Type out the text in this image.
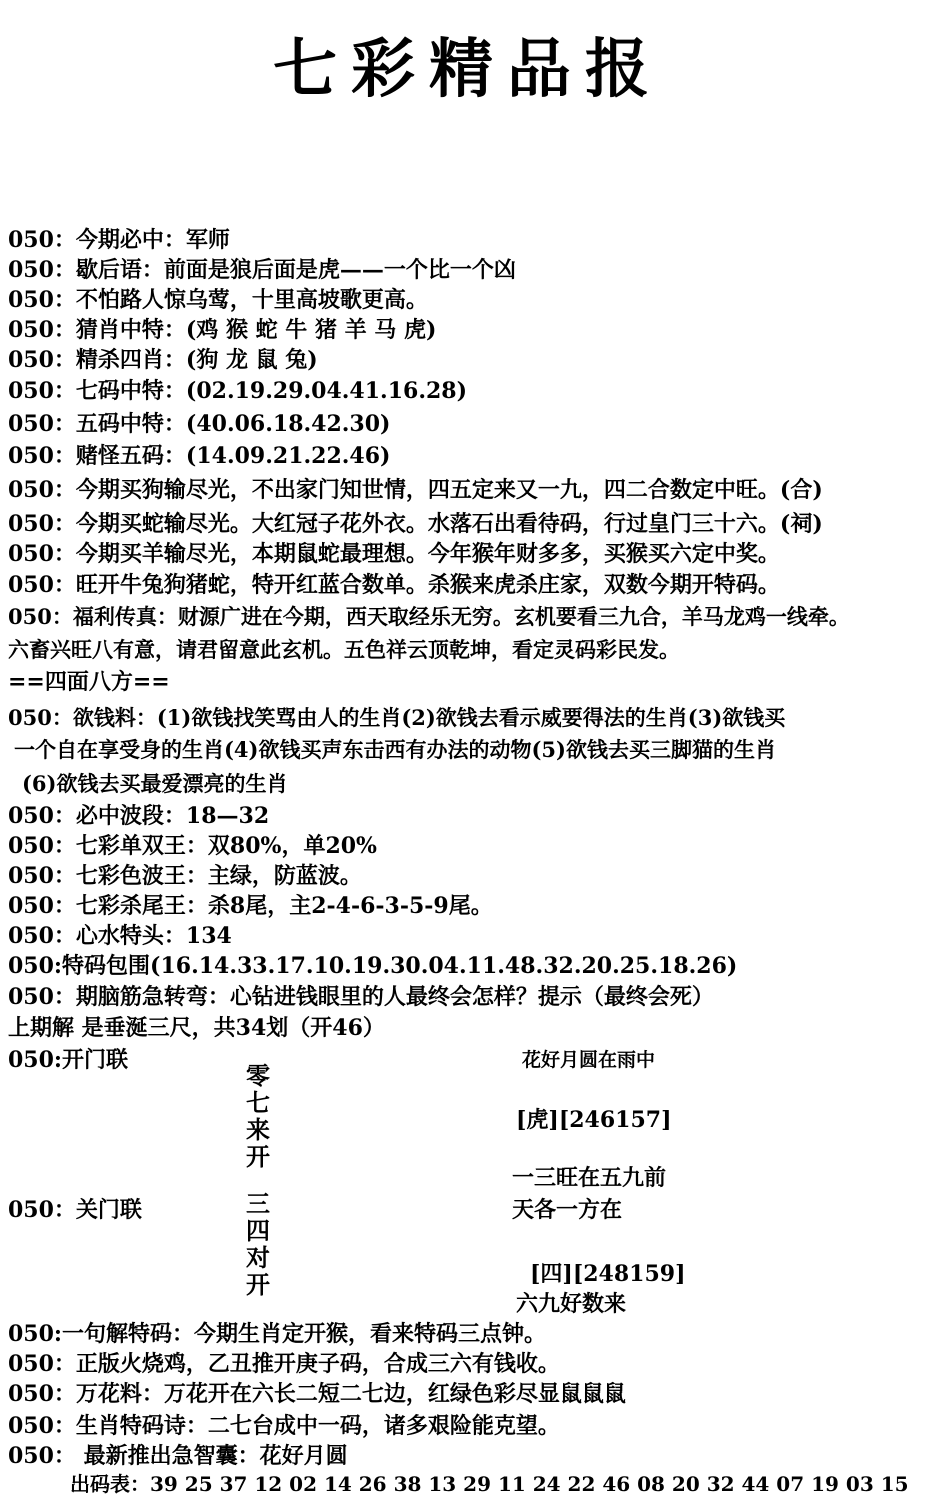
七彩精品报
050：今期必中：军师
050：歇后语：前面是狼后面是虎——一个比一个凶
050：不怕路人惊乌莺，十里高坡歌更高。
050：猜肖中特：(鸡 猴 蛇 牛 猪 羊 马 虎)
050：精杀四肖：(狗 龙 鼠 兔)
050：七码中特：(02.19.29.04.41.16.28)
050：五码中特：(40.06.18.42.30)
050：赌怪五码：(14.09.21.22.46)
050：今期买狗输尽光，不出家门知世情，四五定来又一九，四二合数定中旺。(合)
050：今期买蛇输尽光。大红冠子花外衣。水落石出看待码，行过皇门三十六。(祠)
050：今期买羊输尽光，本期鼠蛇最理想。今年猴年财多多，买猴买六定中奖。
050：旺开牛兔狗猪蛇，特开红蓝合数单。杀猴来虎杀庄家，双数今期开特码。
050：福利传真：财源广进在今期，西天取经乐无穷。玄机要看三九合，羊马龙鸡一线牵。
六畜兴旺八有意，请君留意此玄机。五色祥云顶乾坤，看定灵码彩民发。
==四面八方==
050：欲钱料：(1)欲钱找笑骂由人的生肖(2)欲钱去看示威要得法的生肖(3)欲钱买
一个自在享受身的生肖(4)欲钱买声东击西有办法的动物(5)欲钱去买三脚猫的生肖
(6)欲钱去买最爱漂亮的生肖
050：必中波段：18—32
050：七彩单双王：双80%，单20%
050：七彩色波王：主绿，防蓝波。
050：七彩杀尾王：杀8尾，主2-4-6-3-5-9尾。
050：心水特头：134
050:特码包围(16.14.33.17.10.19.30.04.11.48.32.20.25.18.26)
050：期脑筋急转弯：心钻进钱眼里的人最终会怎样？提示（最终会死）
上期解 是垂涎三尺，共34划（开46）
050:开门联
零七来开
050：关门联	三四对开
花好月圆在雨中
[虎][246157]
一三旺在五九前
天各一方在
[四][248159]
六九好数来
050:一句解特码：今期生肖定开猴，看来特码三点钟。
050：正版火烧鸡，乙丑推开庚子码，合成三六有钱收。
050：万花料：万花开在六长二短二七边，红绿色彩尽显鼠鼠鼠
050：生肖特码诗：二七台成中一码，诸多艰险能克望。
050： 最新推出急智囊：花好月圆
出码表：39 25 37 12 02 14 26 38 13 29 11 24 22 46 08 20 32 44 07 19 03 15
